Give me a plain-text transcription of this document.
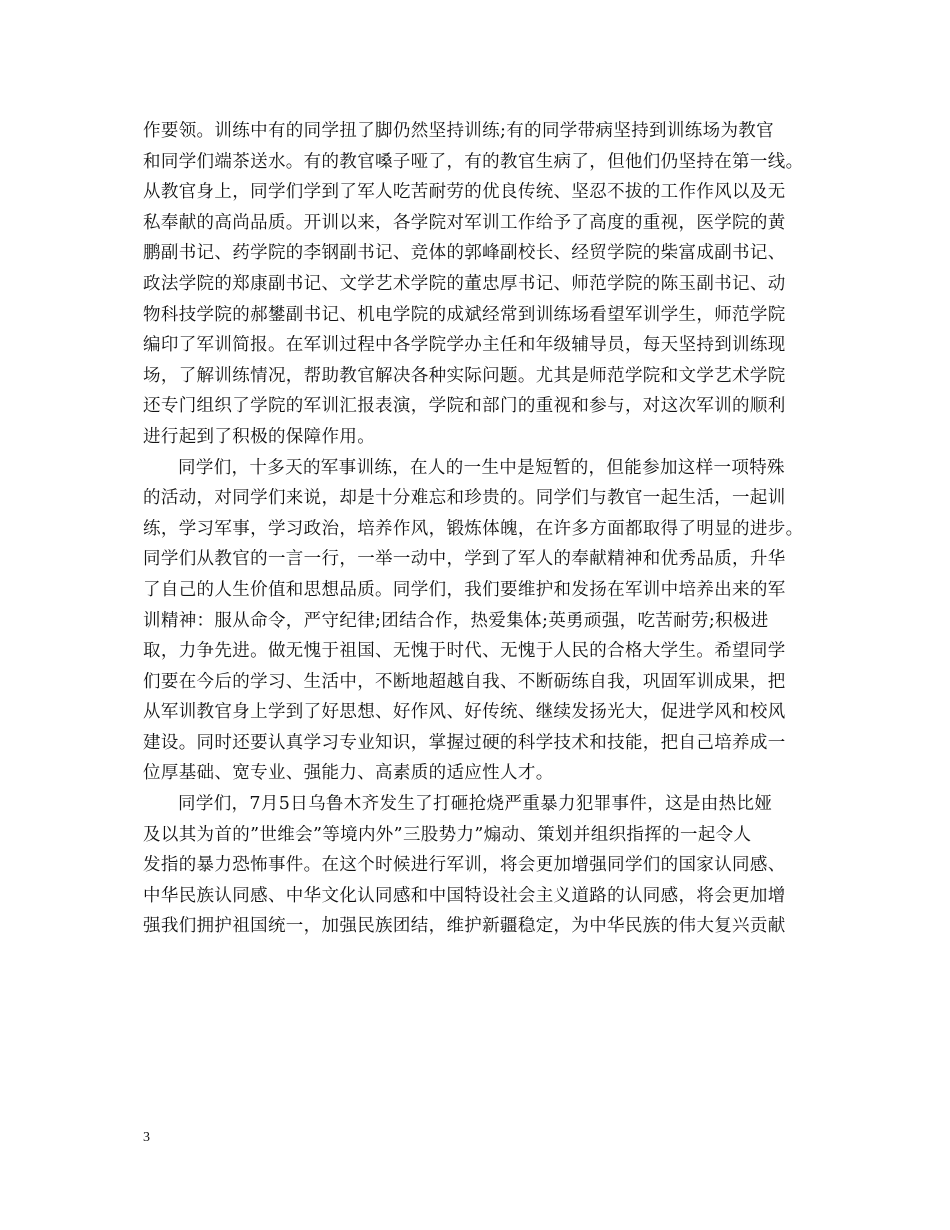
作要领。训练中有的同学扭了脚仍然坚持训练;有的同学带病坚持到训练场为教官
和同学们端茶送水。有的教官嗓子哑了，有的教官生病了，但他们仍坚持在第一线。
从教官身上，同学们学到了军人吃苦耐劳的优良传统、坚忍不拔的工作作风以及无
私奉献的高尚品质。开训以来，各学院对军训工作给予了高度的重视，医学院的黄
鹏副书记、药学院的李钢副书记、竞体的郭峰副校长、经贸学院的柴富成副书记、
政法学院的郑康副书记、文学艺术学院的董忠厚书记、师范学院的陈玉副书记、动
物科技学院的郝鐢副书记、机电学院的成斌经常到训练场看望军训学生，师范学院
编印了军训简报。在军训过程中各学院学办主任和年级辅导员，每天坚持到训练现
场，了解训练情况，帮助教官解决各种实际问题。尤其是师范学院和文学艺术学院
还专门组织了学院的军训汇报表演，学院和部门的重视和参与，对这次军训的顺利
进行起到了积极的保障作用。
同学们，十多天的军事训练，在人的一生中是短暂的，但能参加这样一项特殊
的活动，对同学们来说，却是十分难忘和珍贵的。同学们与教官一起生活，一起训
练，学习军事，学习政治，培养作风，锻炼体魄，在许多方面都取得了明显的进步。
同学们从教官的一言一行，一举一动中，学到了军人的奉献精神和优秀品质，升华
了自己的人生价值和思想品质。同学们，我们要维护和发扬在军训中培养出来的军
训精神：服从命令，严守纪律;团结合作，热爱集体;英勇顽强，吃苦耐劳;积极进
取，力争先进。做无愧于祖国、无愧于时代、无愧于人民的合格大学生。希望同学
们要在今后的学习、生活中，不断地超越自我、不断砺练自我，巩固军训成果，把
从军训教官身上学到了好思想、好作风、好传统、继续发扬光大，促进学风和校风
建设。同时还要认真学习专业知识，掌握过硬的科学技术和技能，把自己培养成一
位厚基础、宽专业、强能力、高素质的适应性人才。
同学们，7月5日乌鲁木齐发生了打砸抢烧严重暴力犯罪事件，这是由热比娅
及以其为首的”世维会”等境内外”三股势力”煽动、策划并组织指挥的一起令人
发指的暴力恐怖事件。在这个时候进行军训，将会更加增强同学们的国家认同感、
中华民族认同感、中华文化认同感和中国特设社会主义道路的认同感，将会更加增
强我们拥护祖国统一，加强民族团结，维护新疆稳定，为中华民族的伟大复兴贡献
3
